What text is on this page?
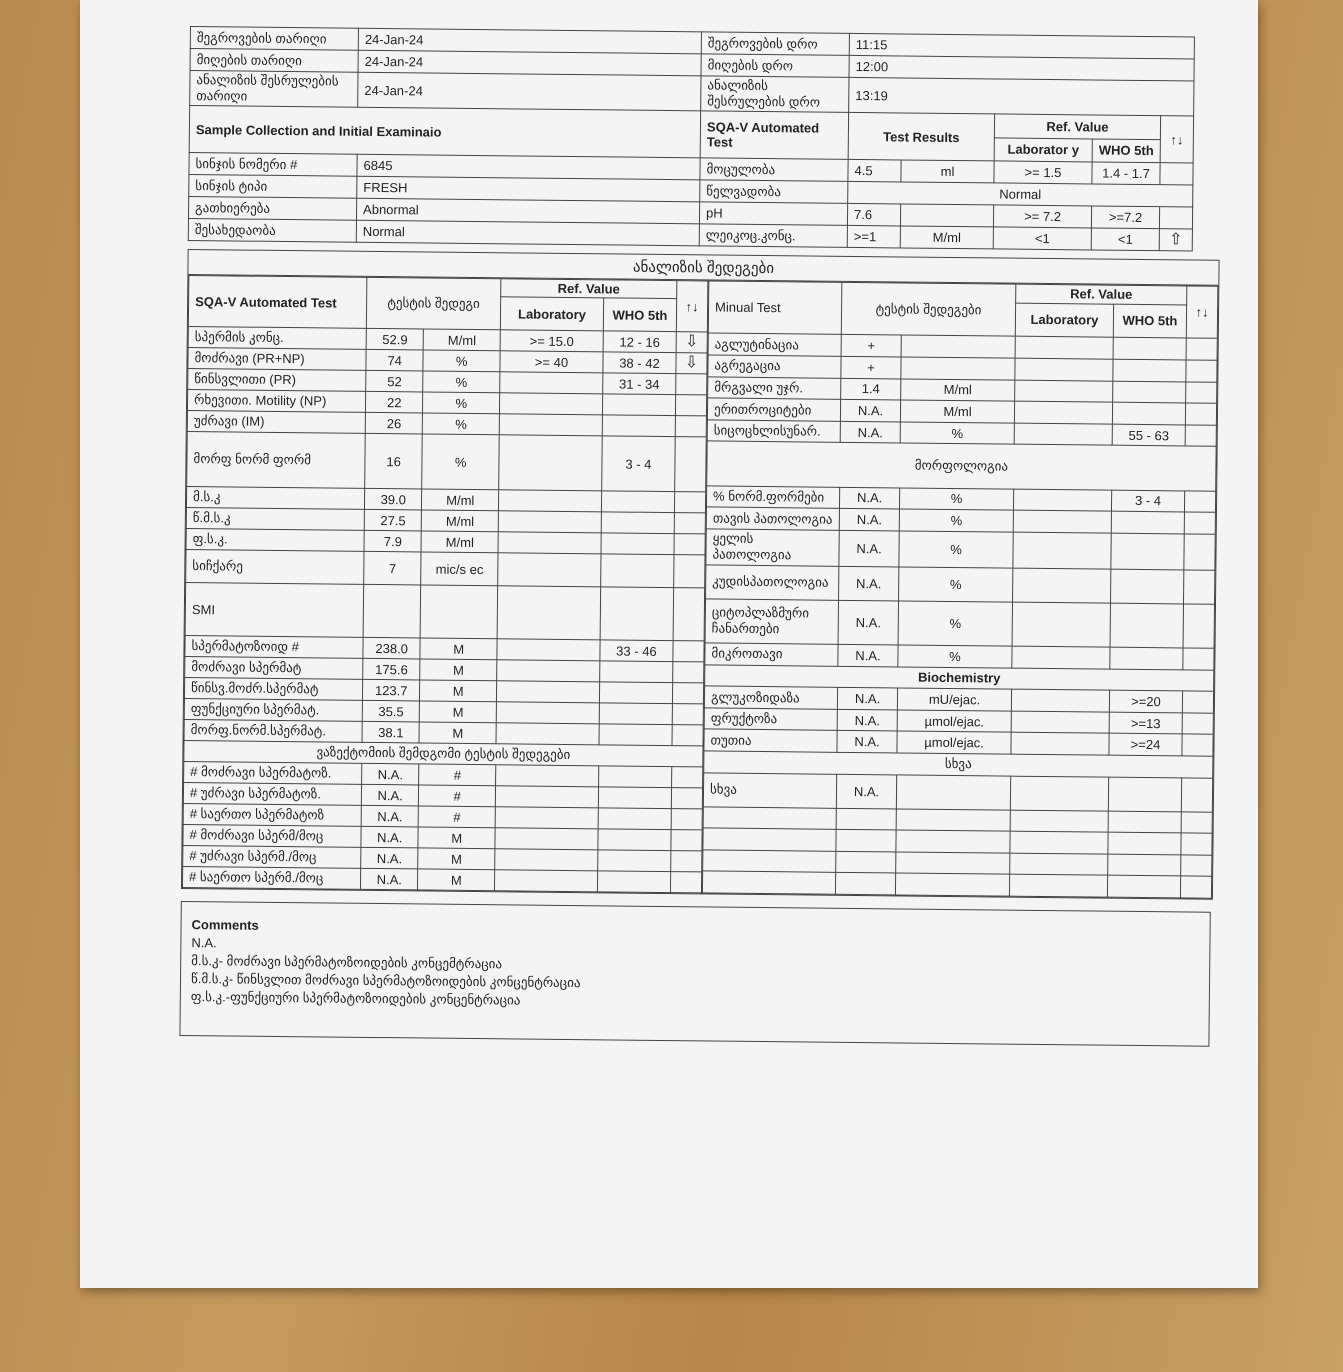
შეგროვების თარიღი	24-Jan-24	შეგროვების დრო	11:15				
მიღების თარიღი	24-Jan-24	მიღების დრო	12:00				
ანალიზის შესრულების თარიღი	24-Jan-24	ანალიზის შესრულების დრო	13:19				
Sample Collection and Initial Examinaio		SQA-V Automated Test	Test Results		Ref. Value		↑↓
					Laborator y	WHO 5th	
სინჯის ნომერი #	6845	მოცულობა	4.5	ml	>= 1.5	1.4 - 1.7	
სინჯის ტიპი	FRESH	წელვადობა	Normal				
გათხიერება	Abnormal	pH	7.6		>= 7.2	>=7.2	
შესახედაობა	Normal	ლეიკოც.კონც.	>=1	M/ml	<1	<1	⇧
ანალიზის შედეგები
SQA-V Automated Test	ტესტის შედეგი		Ref. Value		↑↓
			Laboratory	WHO 5th	
სპერმის კონც.	52.9	M/ml	>= 15.0	12 - 16	⇩
მოძრავი (PR+NP)	74	%	>= 40	38 - 42	⇩
წინსვლითი (PR)	52	%		31 - 34	
რხევითი. Motility (NP)	22	%			
უძრავი (IM)	26	%			
მორფ ნორმ ფორმ	16	%		3 - 4	
მ.ს.კ	39.0	M/ml			
წ.მ.ს.კ	27.5	M/ml			
ფ.ს.კ.	7.9	M/ml			
სიჩქარე	7	mic/s ec			
SMI					
სპერმატოზოიდ #	238.0	M		33 - 46	
მოძრავი სპერმატ	175.6	M			
წინსვ.მოძრ.სპერმატ	123.7	M			
ფუნქციური სპერმატ.	35.5	M			
მორფ.ნორმ.სპერმატ.	38.1	M			
ვაზექტომიის შემდგომი ტესტის შედეგები					
# მოძრავი სპერმატოზ.	N.A.	#			
# უძრავი სპერმატოზ.	N.A.	#			
# საერთო სპერმატოზ	N.A.	#			
# მოძრავი სპერმ/მოც	N.A.	M			
# უძრავი სპერმ./მოც	N.A.	M			
# საერთო სპერმ./მოც	N.A.	M			
Minual Test	ტესტის შედეგები		Ref. Value		↑↓
			Laboratory	WHO 5th	
აგლუტინაცია	+				
აგრეგაცია	+				
მრგვალი უჯრ.	1.4	M/ml			
ერითროციტები	N.A.	M/ml			
სიცოცხლისუნარ.	N.A.	%		55 - 63	
მორფოლოგია					
% ნორმ.ფორმები	N.A.	%		3 - 4	
თავის პათოლოგია	N.A.	%			
ყელის პათოლოგია	N.A.	%			
კუდისპათოლოგია	N.A.	%			
ციტოპლაზმური ჩანართები	N.A.	%			
მიკროთავი	N.A.	%			
Biochemistry					
გლუკოზიდაზა	N.A.	mU/ejac.		>=20	
ფრუქტოზა	N.A.	µmol/ejac.		>=13	
თუთია	N.A.	µmol/ejac.		>=24	
სხვა					
სხვა	N.A.				

Comments
N.A.
მ.ს.კ- მოძრავი სპერმატოზოიდების კონცემტრაცია
წ.მ.ს.კ- წინსვლით მოძრავი სპერმატოზოიდების კონცენტრაცია
ფ.ს.კ.-ფუნქციური სპერმატოზოიდების კონცენტრაცია
